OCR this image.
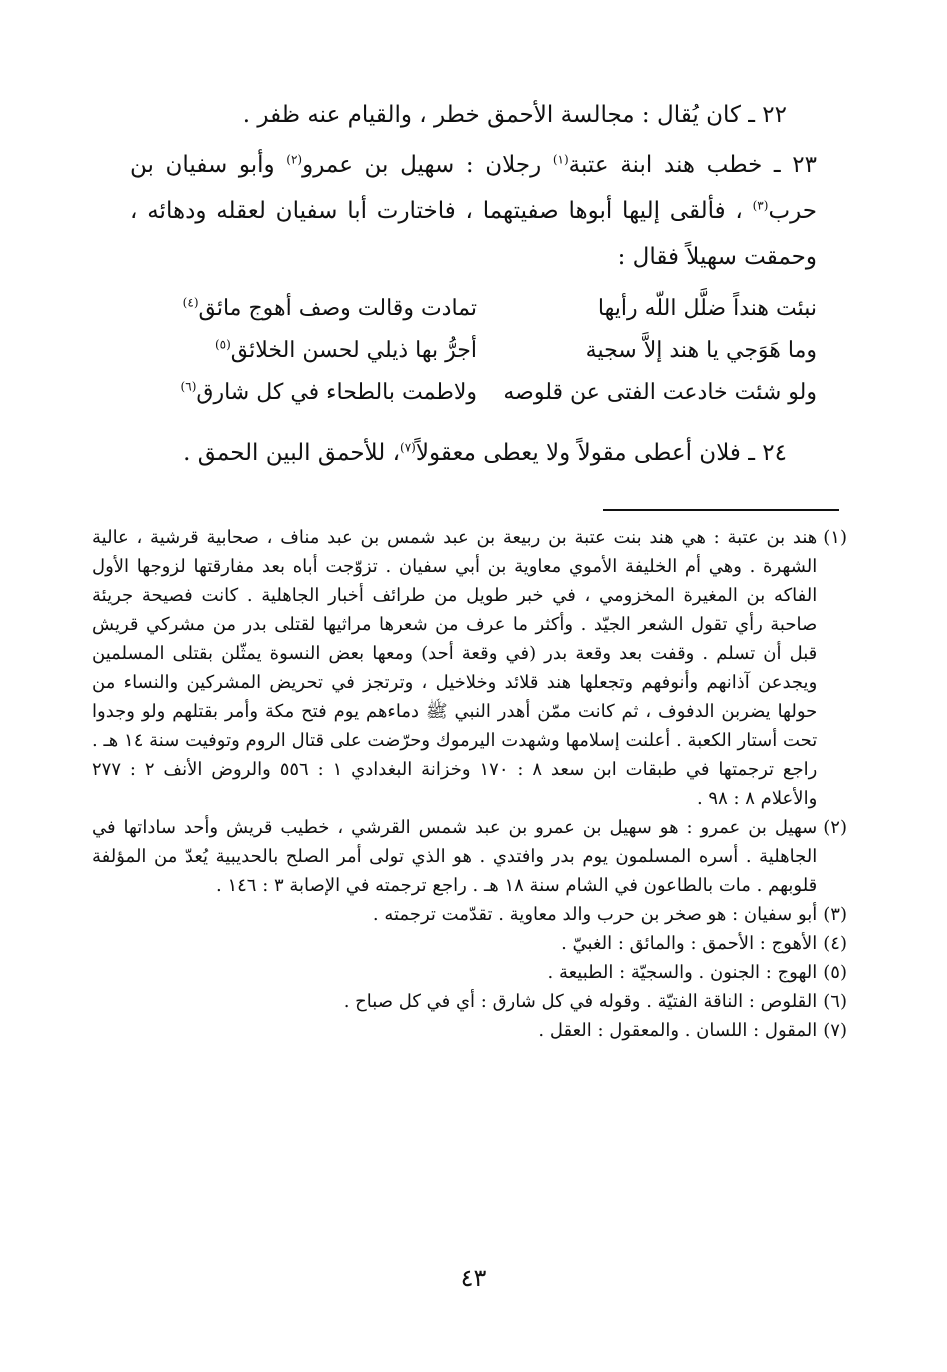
٢٢ ـ كان يُقال : مجالسة الأحمق خطر ، والقيام عنه ظفر .
٢٣ ـ خطب هند ابنة عتبة$^{(١)}$ رجلان : سهيل بن عمرو$^{(٢)}$ وأبو سفيان بن حرب$^{(٣)}$ ، فألقى إليها أبوها صفيتهما ، فاختارت أبا سفيان لعقله ودهائه ، وحمقت سهيلاً فقال :
نبئت هنداً ضلَّل اللّه رأيها
تمادت وقالت وصف أهوج مائق$^{(٤)}$
وما هَوَجي يا هند إلاَّ سجية
أجرُّ بها ذيلي لحسن الخلائق$^{(٥)}$
ولو شئت خادعت الفتى عن قلوصه
ولاطمت بالطحاء في كل شارق$^{(٦)}$
٢٤ ـ فلان أعطى مقولاً ولا يعطى معقولاً$^{(٧)}$، للأحمق البين الحمق .
(١)
هند بن عتبة : هي هند بنت عتبة بن ربيعة بن عبد شمس بن عبد مناف ، صحابية قرشية ، عالية الشهرة . وهي أم الخليفة الأموي معاوية بن أبي سفيان . تزوّجت أباه بعد مفارقتها لزوجها الأول الفاكه بن المغيرة المخزومي ، في خبر طويل من طرائف أخبار الجاهلية . كانت فصيحة جريئة صاحبة رأي تقول الشعر الجيّد . وأكثر ما عرف من شعرها مراثيها لقتلى بدر من مشركي قريش قبل أن تسلم . وقفت بعد وقعة بدر (في وقعة أحد) ومعها بعض النسوة يمثّلن بقتلى المسلمين ويجدعن آذانهم وأنوفهم وتجعلها هند قلائد وخلاخيل ، وترتجز في تحريض المشركين والنساء من حولها يضربن الدفوف ، ثم كانت ممّن أهدر النبي ﷺ دماءهم يوم فتح مكة وأمر بقتلهم ولو وجدوا تحت أستار الكعبة . أعلنت إسلامها وشهدت اليرموك وحرّضت على قتال الروم وتوفيت سنة ١٤ هـ . راجع ترجمتها في طبقات ابن سعد ٨ : ١٧٠ وخزانة البغدادي ١ : ٥٥٦ والروض الأنف ٢ : ٢٧٧ والأعلام ٨ : ٩٨ .
(٢)
سهيل بن عمرو : هو سهيل بن عمرو بن عبد شمس القرشي ، خطيب قريش وأحد ساداتها في الجاهلية . أسره المسلمون يوم بدر وافتدي . هو الذي تولى أمر الصلح بالحديبية يُعدّ من المؤلفة قلوبهم . مات بالطاعون في الشام سنة ١٨ هـ . راجع ترجمته في الإصابة ٣ : ١٤٦ .
(٣)
أبو سفيان : هو صخر بن حرب والد معاوية . تقدّمت ترجمته .
(٤)
الأهوج : الأحمق : والمائق : الغبيّ .
(٥)
الهوج : الجنون . والسجيّة : الطبيعة .
(٦)
القلوص : الناقة الفتيّة . وقوله في كل شارق : أي في كل صباح .
(٧)
المقول : اللسان . والمعقول : العقل .
٤٣
